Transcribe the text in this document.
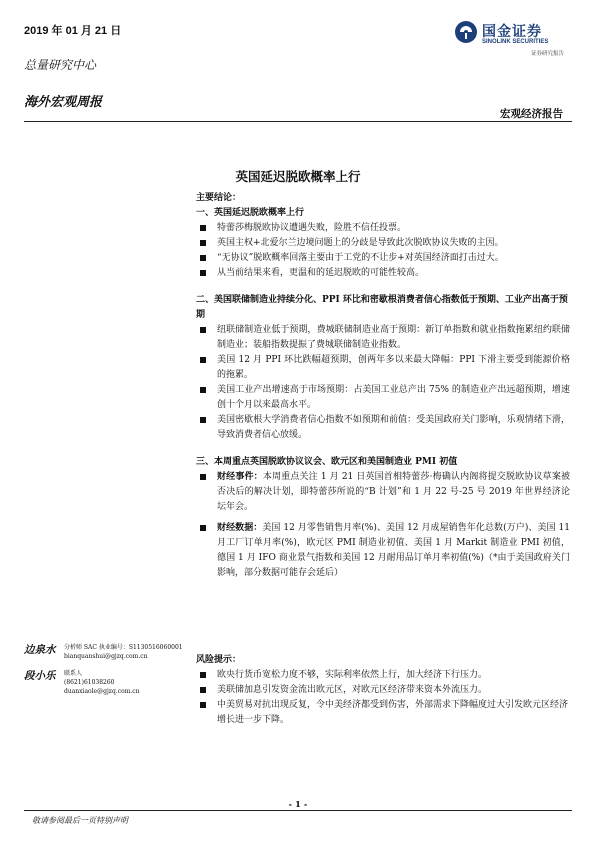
2019 年 01 月 21 日
总量研究中心
海外宏观周报
宏观经济报告
国金证券
SINOLINK SECURITIES
证券研究报告
英国延迟脱欧概率上行
主要结论：
一、英国延迟脱欧概率上行
特蕾莎梅脱欧协议遭遇失败，险胜不信任投票。
英国主权+北爱尔兰边境问题上的分歧是导致此次脱欧协议失败的主因。
“无协议”脱欧概率回落主要由于工党的不让步+对英国经济面打击过大。
从当前结果来看，更温和的延迟脱欧的可能性较高。
二、美国联储制造业持续分化、PPI 环比和密歇根消费者信心指数低于预期、工业产出高于预期
纽联储制造业低于预期，费城联储制造业高于预期：新订单指数和就业指数拖累纽约联储制造业；装船指数提振了费城联储制造业指数。
美国 12 月 PPI 环比跌幅超预期，创两年多以来最大降幅：PPI 下滑主要受到能源价格的拖累。
美国工业产出增速高于市场预期：占美国工业总产出 75% 的制造业产出远超预期，增速创十个月以来最高水平。
美国密歇根大学消费者信心指数不如预期和前值：受美国政府关门影响，乐观情绪下滑，导致消费者信心放缓。
三、本周重点英国脱欧协议议会、欧元区和美国制造业 PMI 初值
财经事件：本周重点关注 1 月 21 日英国首相特蕾莎·梅确认内阁将提交脱欧协议草案被否决后的解决计划，即特蕾莎所说的“B 计划”和 1 月 22 号-25 号 2019 年世界经济论坛年会。
财经数据：美国 12 月零售销售月率(%)、美国 12 月成屋销售年化总数(万户)、美国 11 月工厂订单月率(%)，欧元区 PMI 制造业初值、美国 1 月 Markit 制造业 PMI 初值，德国 1 月 IFO 商业景气指数和美国 12 月耐用品订单月率初值(%)（*由于美国政府关门影响，部分数据可能存会延后）
边泉水 分析师 SAC 执业编号：S1130516060001
bianquanshui@gjzq.com.cn
段小乐 联系人
(8621)61038260
duanxiaole@gjzq.com.cn
风险提示：
欧央行货币宽松力度不够，实际利率依然上行，加大经济下行压力。
美联储加息引发资金流出欧元区，对欧元区经济带来资本外流压力。
中美贸易对抗出现反复，令中美经济都受到伤害，外部需求下降幅度过大引发欧元区经济增长进一步下降。
- 1 -
敬请参阅最后一页特别声明
